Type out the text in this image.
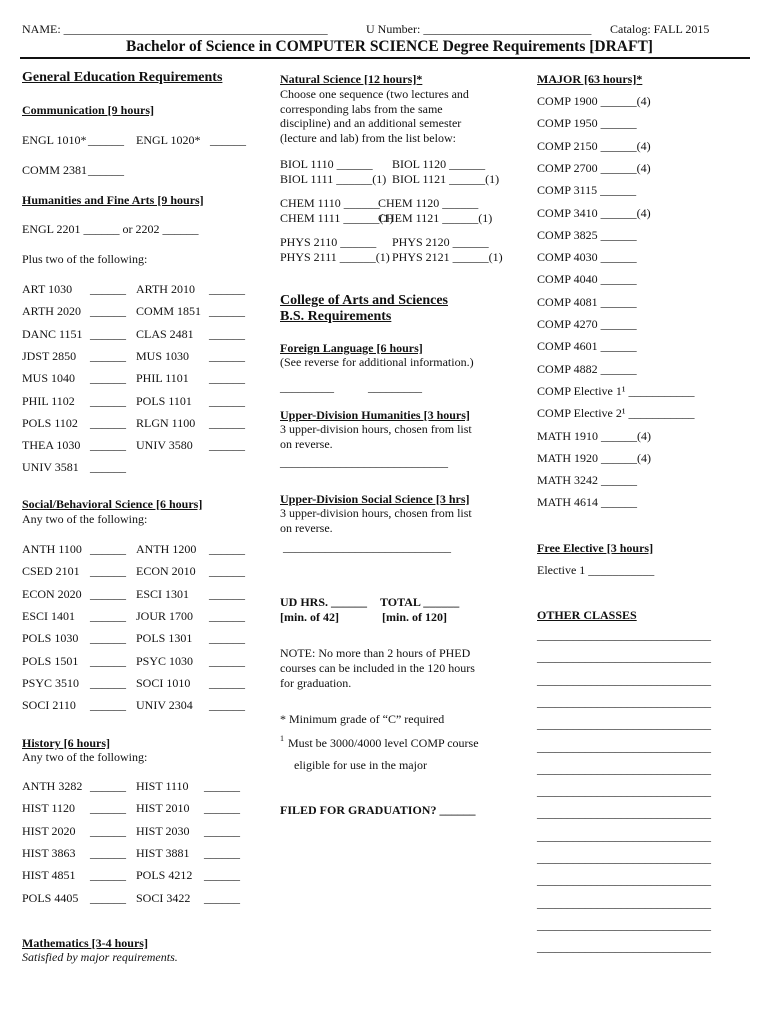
NAME: ____________________________________________	U Number: ____________________________ Catalog: FALL 2015
Bachelor of Science in COMPUTER SCIENCE Degree Requirements [DRAFT]
General Education Requirements
Communication [9 hours]
ENGL 1010* ______ ENGL 1020* ______
COMM 2381 ______
Humanities and Fine Arts [9 hours]
ENGL 2201 ______ or 2202 ______
Plus two of the following:
ART 1030 ______ ARTH 2010 ______
ARTH 2020 ______ COMM 1851 ______
DANC 1151 ______ CLAS 2481 ______
JDST 2850 ______ MUS 1030 ______
MUS 1040 ______ PHIL 1101 ______
PHIL 1102 ______ POLS 1101 ______
POLS 1102 ______ RLGN 1100 ______
THEA 1030 ______ UNIV 3580 ______
UNIV 3581 ______
Social/Behavioral Science [6 hours]
Any two of the following:
ANTH 1100 ______ ANTH 1200 ______
CSED 2101 ______ ECON 2010 ______
ECON 2020 ______ ESCI 1301 ______
ESCI 1401 ______ JOUR 1700 ______
POLS 1030 ______ POLS 1301 ______
POLS 1501 ______ PSYC 1030 ______
PSYC 3510 ______ SOCI 1010 ______
SOCI 2110 ______ UNIV 2304 ______
History [6 hours]
Any two of the following:
ANTH 3282 ______ HIST 1110 ______
HIST 1120 ______ HIST 2010 ______
HIST 2020 ______ HIST 2030 ______
HIST 3863 ______ HIST 3881 ______
HIST 4851 ______ POLS 4212 ______
POLS 4405 ______ SOCI 3422 ______
Mathematics [3-4 hours]
Satisfied by major requirements.
Natural Science [12 hours]*
Choose one sequence (two lectures and
corresponding labs from the same
discipline) and an additional semester
(lecture and lab) from the list below:
BIOL 1110 ______ BIOL 1120 ______
BIOL 1111 ______(1) BIOL 1121 ______(1)
CHEM 1110 ______
CHEM 1120 ______
CHEM 1111 ______(1)
CHEM 1121 ______(1)
PHYS 2110 ______ PHYS 2120 ______
PHYS 2111 ______(1) PHYS 2121 ______(1)
College of Arts and Sciences
B.S. Requirements
Foreign Language [6 hours]
(See reverse for additional information.)
_________	_________
Upper-Division Humanities [3 hours]
3 upper-division hours, chosen from list
on reverse.
____________________________
Upper-Division Social Science [3 hrs]
3 upper-division hours, chosen from list
on reverse.
____________________________
UD HRS. ______
[min. of 42]
TOTAL ______
[min. of 120]
NOTE: No more than 2 hours of PHED
courses can be included in the 120 hours
for graduation.
* Minimum grade of “C” required
1 Must be 3000/4000 level COMP course
eligible for use in the major
FILED FOR GRADUATION? ______
MAJOR [63 hours]*
COMP 1900 ______(4)
COMP 1950 ______
COMP 2150 ______(4)
COMP 2700 ______(4)
COMP 3115 ______
COMP 3410 ______(4)
COMP 3825 ______
COMP 4030 ______
COMP 4040 ______
COMP 4081 ______
COMP 4270 ______
COMP 4601 ______
COMP 4882 ______
COMP Elective 1¹ ___________
COMP Elective 2¹ ___________
MATH 1910 ______(4)
MATH 1920 ______(4)
MATH 3242 ______
MATH 4614 ______
Free Elective [3 hours]
Elective 1 ___________
OTHER CLASSES
_____________________________
_____________________________
_____________________________
_____________________________
_____________________________
_____________________________
_____________________________
_____________________________
_____________________________
_____________________________
_____________________________
_____________________________
_____________________________
_____________________________
_____________________________
